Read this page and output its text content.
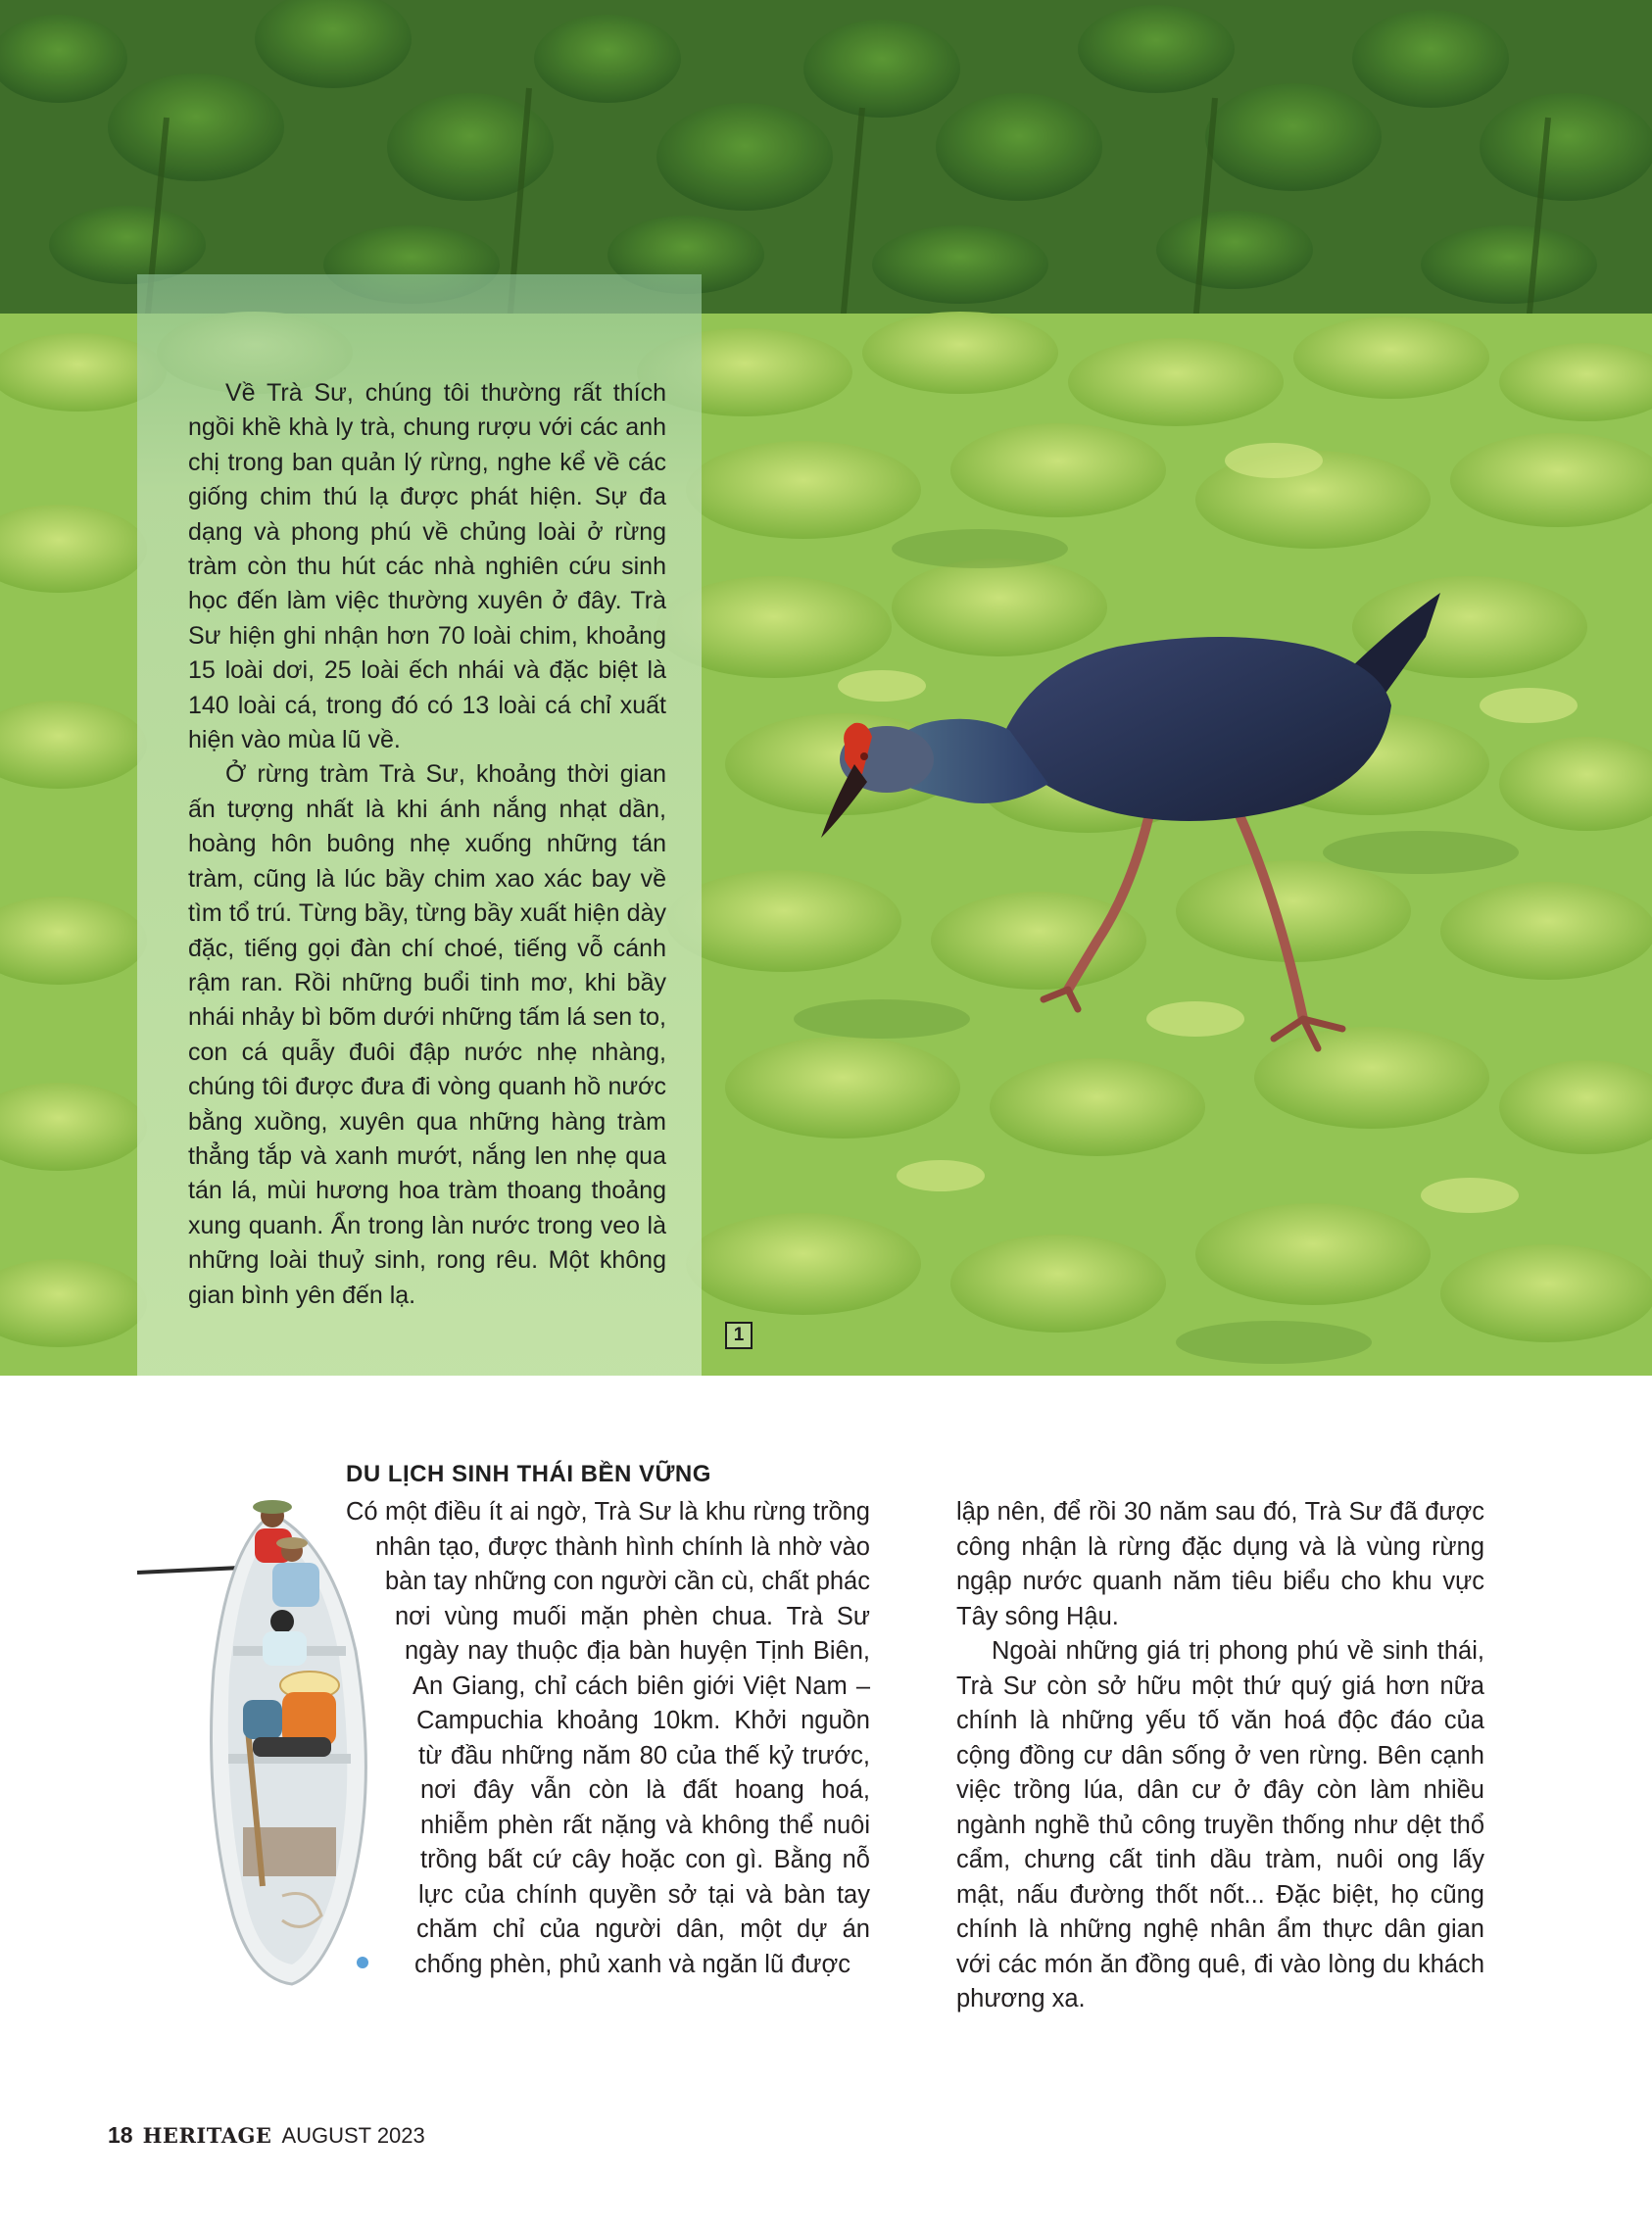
Về Trà Sư, chúng tôi thường rất thích ngồi khề khà ly trà, chung rượu với các anh chị trong ban quản lý rừng, nghe kể về các giống chim thú lạ được phát hiện. Sự đa dạng và phong phú về chủng loài ở rừng tràm còn thu hút các nhà nghiên cứu sinh học đến làm việc thường xuyên ở đây. Trà Sư hiện ghi nhận hơn 70 loài chim, khoảng 15 loài dơi, 25 loài ếch nhái và đặc biệt là 140 loài cá, trong đó có 13 loài cá chỉ xuất hiện vào mùa lũ về.

Ở rừng tràm Trà Sư, khoảng thời gian ấn tượng nhất là khi ánh nắng nhạt dần, hoàng hôn buông nhẹ xuống những tán tràm, cũng là lúc bầy chim xao xác bay về tìm tổ trú. Từng bầy, từng bầy xuất hiện dày đặc, tiếng gọi đàn chí choé, tiếng vỗ cánh rậm ran. Rồi những buổi tinh mơ, khi bầy nhái nhảy bì bõm dưới những tấm lá sen to, con cá quẫy đuôi đập nước nhẹ nhàng, chúng tôi được đưa đi vòng quanh hồ nước bằng xuồng, xuyên qua những hàng tràm thẳng tắp và xanh mướt, nắng len nhẹ qua tán lá, mùi hương hoa tràm thoang thoảng xung quanh. Ẩn trong làn nước trong veo là những loài thuỷ sinh, rong rêu. Một không gian bình yên đến lạ.

1
DU LỊCH SINH THÁI BỀN VỮNG

Có một điều ít ai ngờ, Trà Sư là khu rừng trồng nhân tạo, được thành hình chính là nhờ vào bàn tay những con người cần cù, chất phác nơi vùng muối mặn phèn chua. Trà Sư ngày nay thuộc địa bàn huyện Tịnh Biên, An Giang, chỉ cách biên giới Việt Nam – Campuchia khoảng 10km. Khởi nguồn từ đầu những năm 80 của thế kỷ trước, nơi đây vẫn còn là đất hoang hoá, nhiễm phèn rất nặng và không thể nuôi trồng bất cứ cây hoặc con gì. Bằng nỗ lực của chính quyền sở tại và bàn tay chăm chỉ của người dân, một dự án chống phèn, phủ xanh và ngăn lũ được

lập nên, để rồi 30 năm sau đó, Trà Sư đã được công nhận là rừng đặc dụng và là vùng rừng ngập nước quanh năm tiêu biểu cho khu vực Tây sông Hậu.

Ngoài những giá trị phong phú về sinh thái, Trà Sư còn sở hữu một thứ quý giá hơn nữa chính là những yếu tố văn hoá độc đáo của cộng đồng cư dân sống ở ven rừng. Bên cạnh việc trồng lúa, dân cư ở đây còn làm nhiều ngành nghề thủ công truyền thống như dệt thổ cẩm, chưng cất tinh dầu tràm, nuôi ong lấy mật, nấu đường thốt nốt... Đặc biệt, họ cũng chính là những nghệ nhân ẩm thực dân gian với các món ăn đồng quê, đi vào lòng du khách phương xa.

18 HERITAGE AUGUST 2023
